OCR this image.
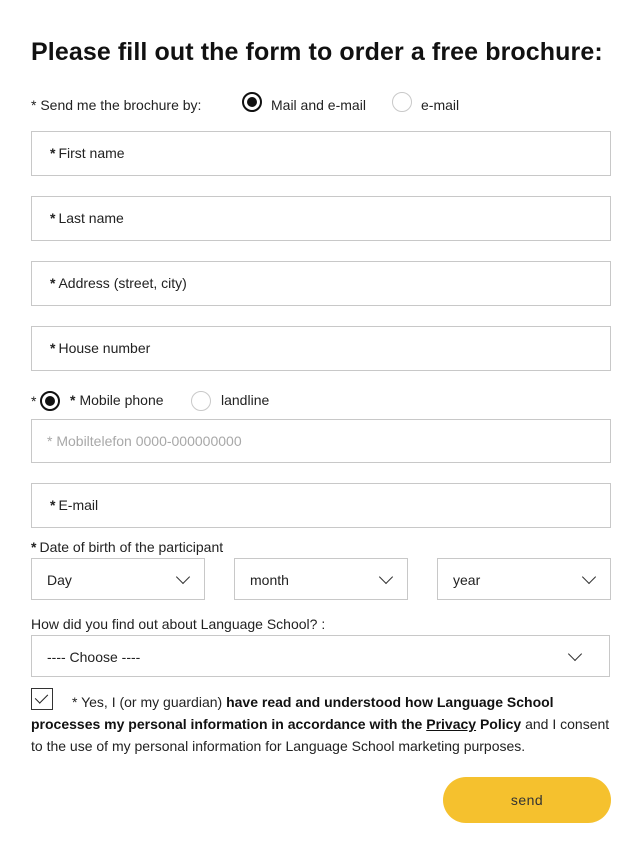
Please fill out the form to order a free brochure:
* Send me the brochure by:	Mail and e-mail	e-mail
* First name
* Last name
* Address (street, city)
* House number
* * Mobile phone	landline
* Mobiltelefon 0000-000000000
* E-mail
* Date of birth of the participant
Day	month	year
How did you find out about Language School? :
---- Choose ----
* Yes, I (or my guardian) have read and understood how Language School processes my personal information in accordance with the Privacy Policy and I consent to the use of my personal information for Language School marketing purposes.
send
